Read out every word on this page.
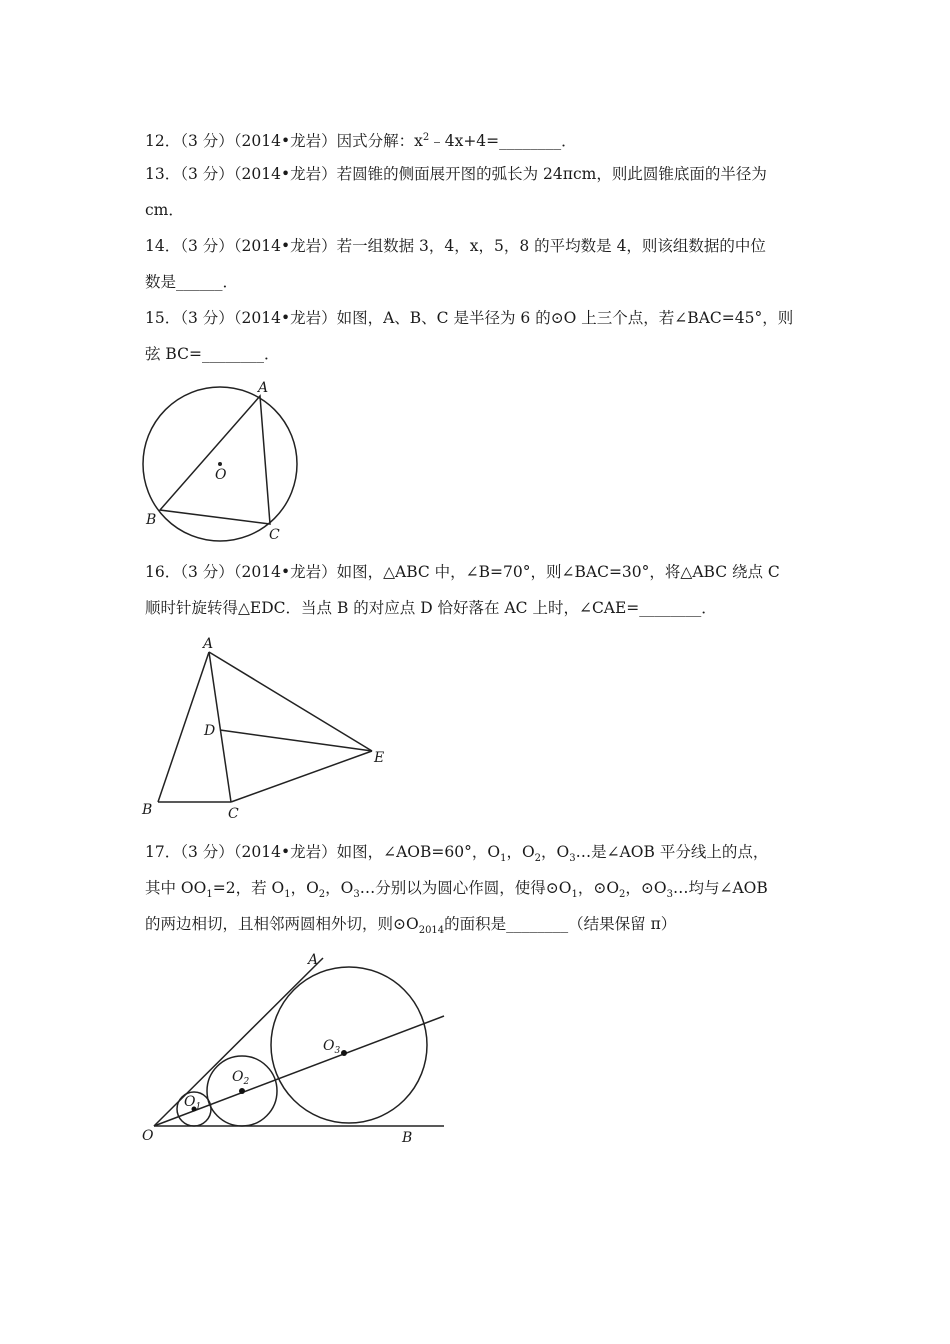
12．（3 分）（2014•龙岩）因式分解：$x^2﹣4x+4=\_\_\_\_\_\_\_\_$．
13．（3 分）（2014•龙岩）若圆锥的侧面展开图的弧长为 24πcm，则此圆锥底面的半径为
cm．
14．（3 分）（2014•龙岩）若一组数据 3，4，x，5，8 的平均数是 4，则该组数据的中位
数是______．
15．（3 分）（2014•龙岩）如图，A、B、C 是半径为 6 的⊙O 上三个点，若∠BAC=45°，则
弦 BC=________．
A
B
C
O
16．（3 分）（2014•龙岩）如图，△ABC 中，∠B=70°，则∠BAC=30°，将△ABC 绕点 C
顺时针旋转得△EDC．当点 B 的对应点 D 恰好落在 AC 上时，∠CAE=________．
A
B	C
D
E
17．（3 分）（2014•龙岩）如图，∠AOB=60°，$O_1$，$O_2$，$O_3\dots$是∠AOB 平分线上的点，
其中 $OO_1=2$，若 $O_1$，$O_2$，$O_3\dots$分别以为圆心作圆，使得$⊙O_1$，$⊙O_2$，$⊙O_3\dots$均与∠AOB
的两边相切，且相邻两圆相外切，则$⊙O_{2014}$的面积是________（结果保留 π）
A
B
O
$O_1$
$O_2$
$O_3$
